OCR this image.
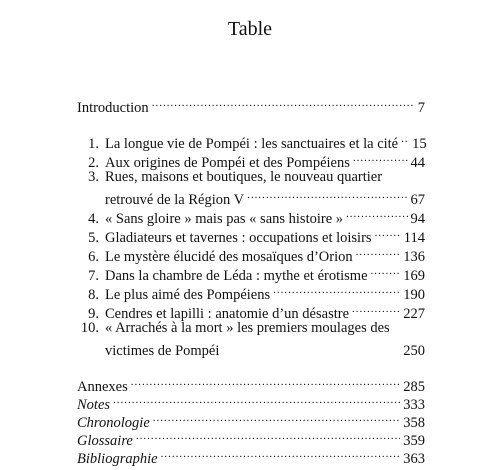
Table
Introduction .....	7
1. La longue vie de Pompéi : les sanctuaires et la cité ..... 15
2. Aux origines de Pompéi et des Pompéiens .....	44
3. Rues, maisons et boutiques, le nouveau quartier
retrouvé de la Région V .....	67
4. « Sans gloire » mais pas « sans histoire » .....	94
5. Gladiateurs et tavernes : occupations et loisirs ..... 114
6. Le mystère élucidé des mosaïques d’Orion .....	136
7. Dans la chambre de Léda : mythe et érotisme ..... 169
8. Le plus aimé des Pompéiens .....	190
9. Cendres et lapilli : anatomie d’un désastre .....	227
10. « Arrachés à la mort » les premiers moulages des
victimes de Pompéi	250
Annexes .....	285
Notes .....	333
Chronologie .....	358
Glossaire .....	359
Bibliographie .....	363
